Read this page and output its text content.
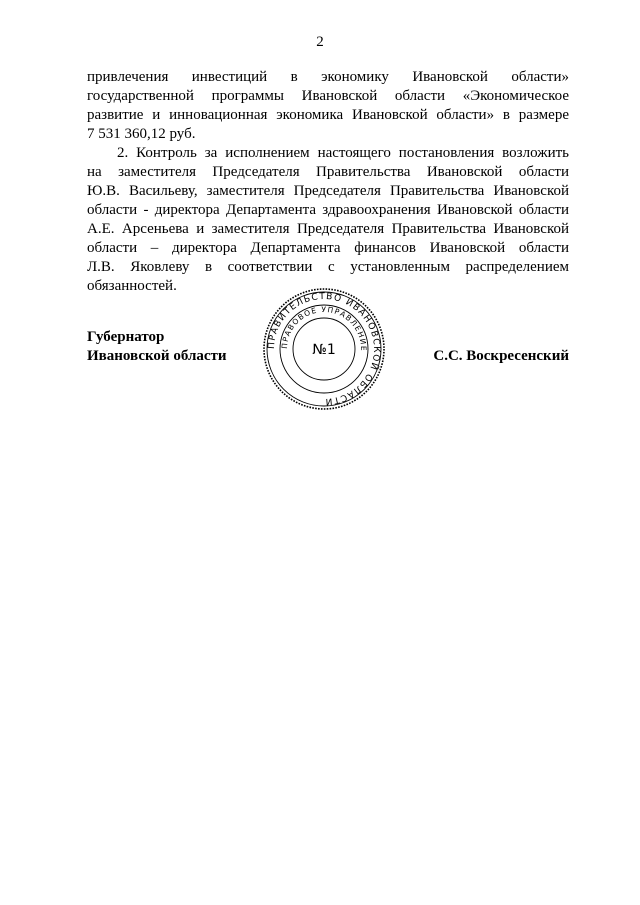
2

привлечения инвестиций в экономику Ивановской области»
государственной программы Ивановской области «Экономическое
развитие и инновационная экономика Ивановской области» в размере
7 531 360,12 руб.

2. Контроль за исполнением настоящего постановления возложить
на заместителя Председателя Правительства Ивановской области
Ю.В. Васильеву, заместителя Председателя Правительства Ивановской
области - директора Департамента здравоохранения Ивановской области
А.Е. Арсеньева и заместителя Председателя Правительства Ивановской
области – директора Департамента финансов Ивановской области
Л.В. Яковлеву в соответствии с установленным распределением
обязанностей.

ПРАВИТЕЛЬСТВО ИВАНОВСКОЙ ОБЛАСТИ
ПРАВОВОЕ УПРАВЛЕНИЕ
№1
Губернатор
Ивановской области	С.С. Воскресенский
